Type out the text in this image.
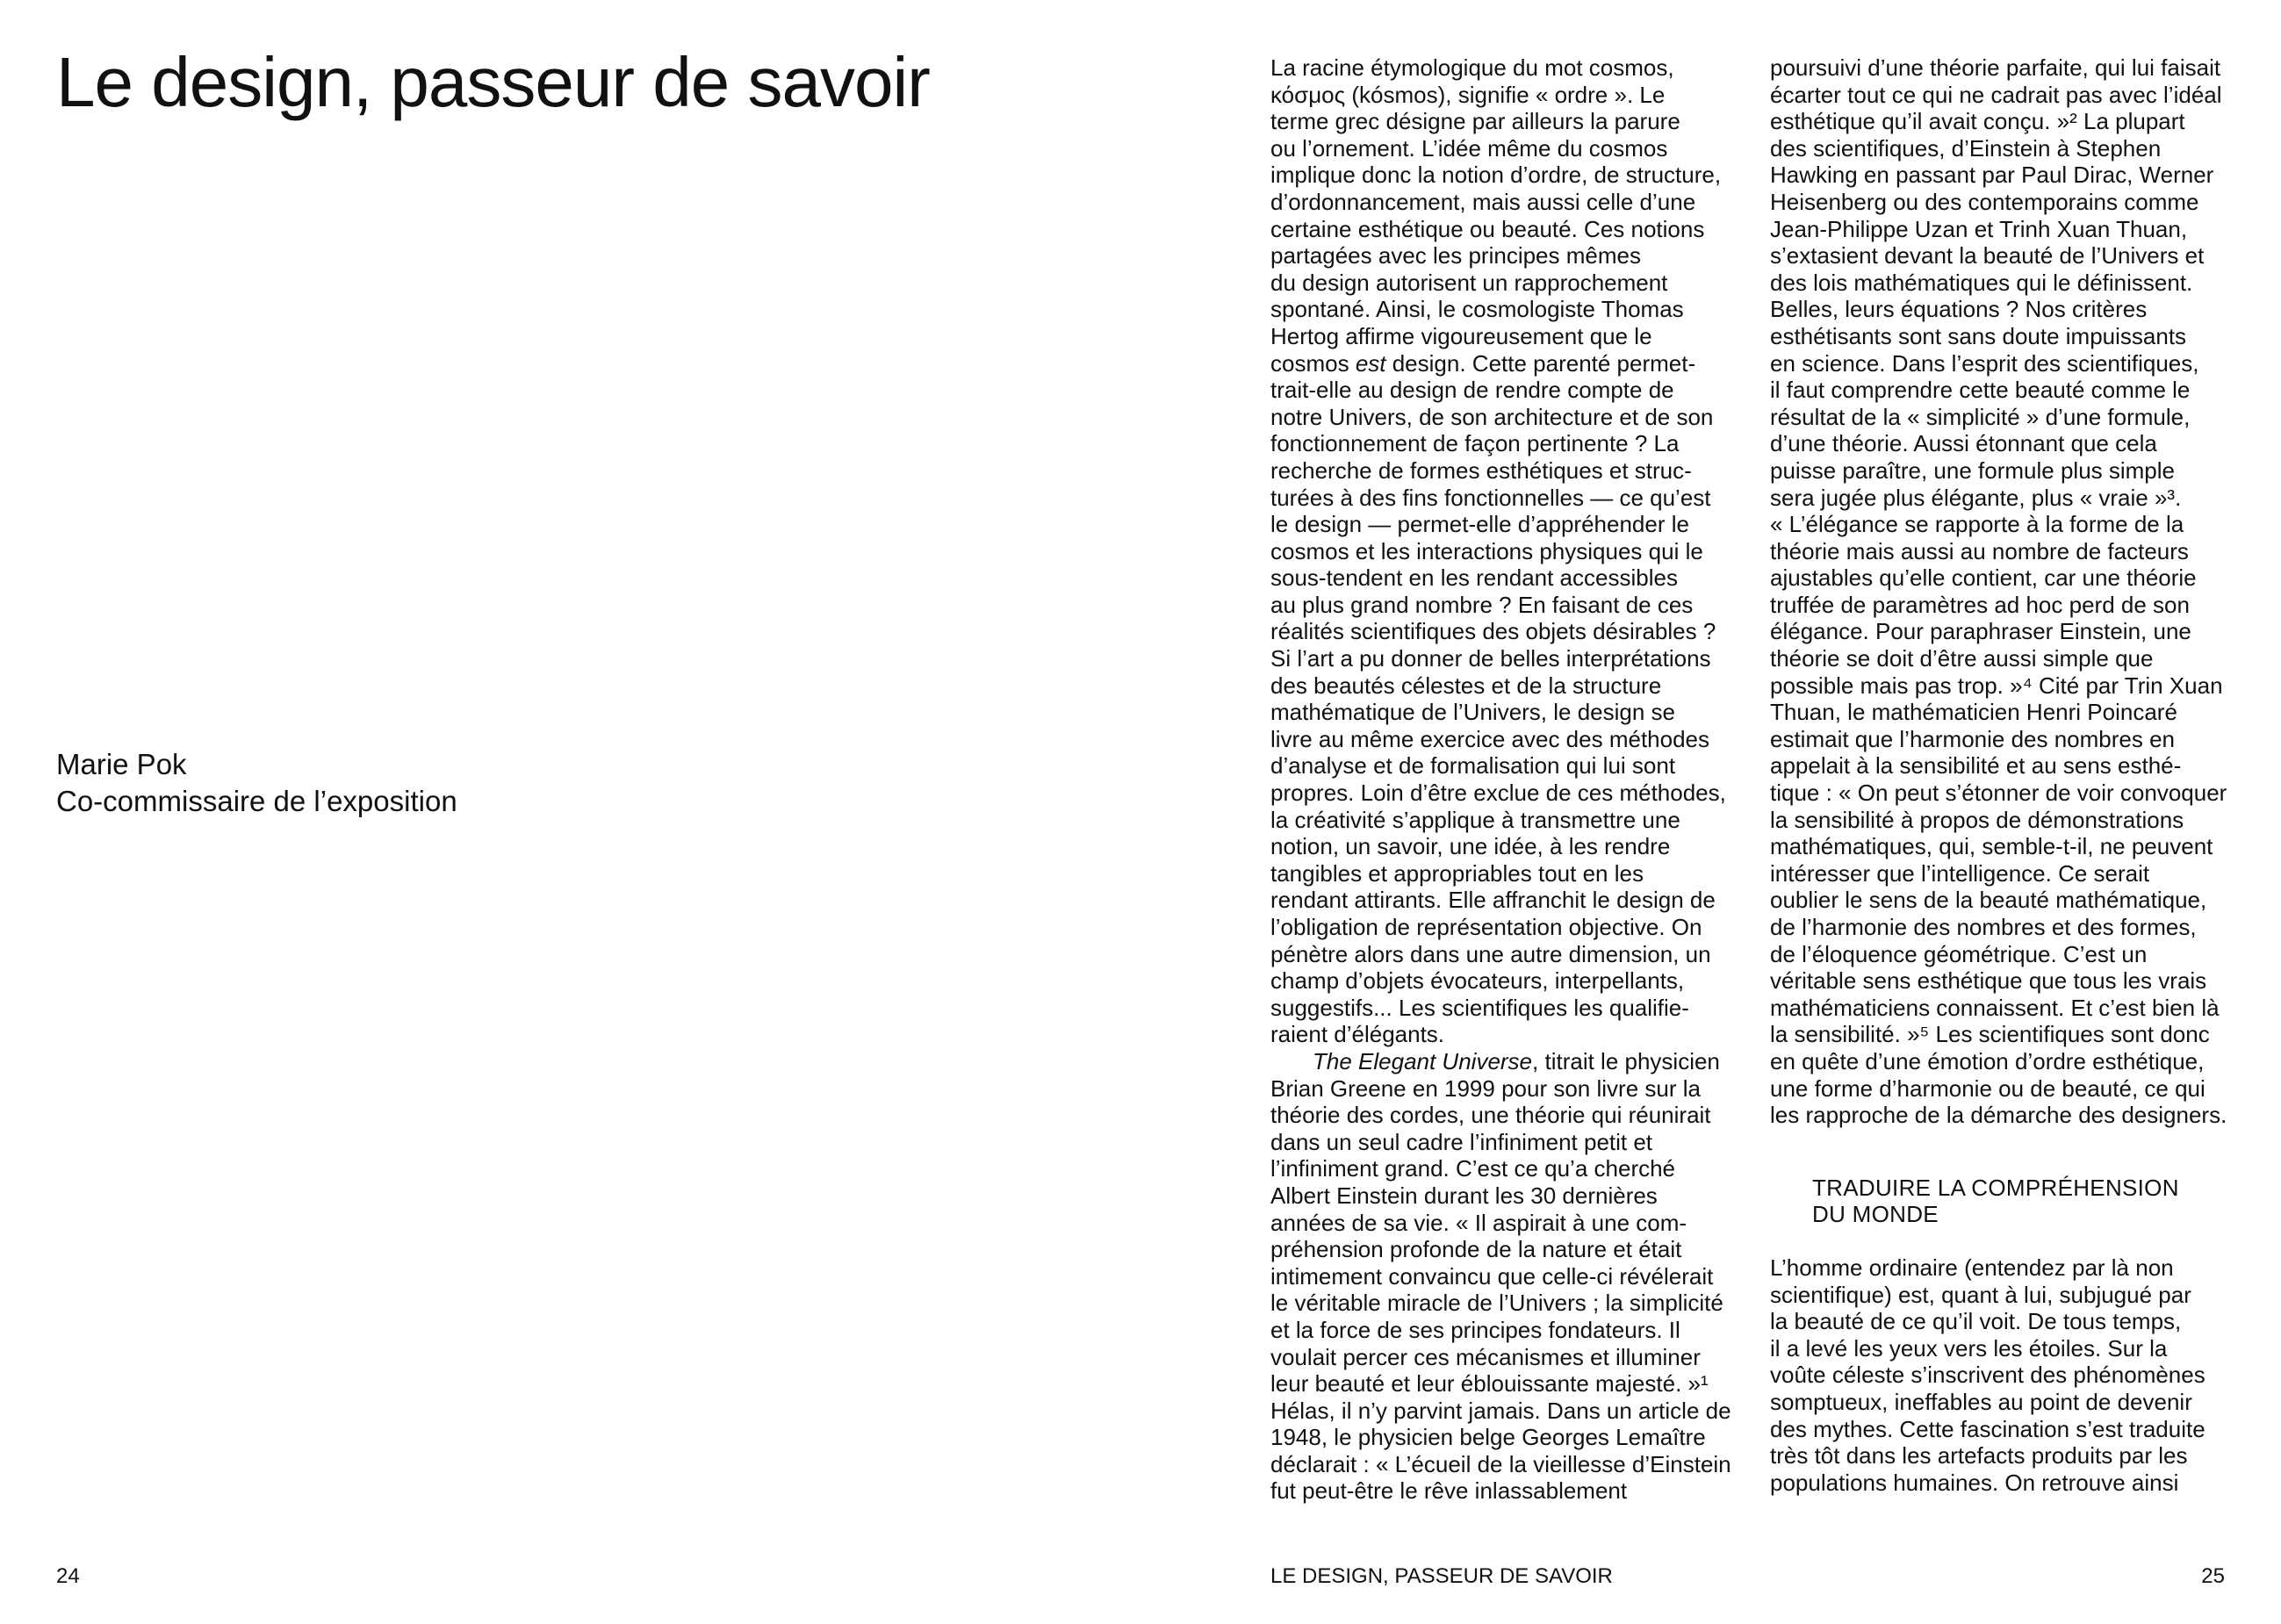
Le design, passeur de savoir
Marie Pok
Co-commissaire de l’exposition

La racine étymologique du mot cosmos,
κόσμος (kósmos), signifie « ordre ». Le
terme grec désigne par ailleurs la parure
ou l’ornement. L’idée même du cosmos
implique donc la notion d’ordre, de structure,
d’ordonnancement, mais aussi celle d’une
certaine esthétique ou beauté. Ces notions
partagées avec les principes mêmes
du design autorisent un rapprochement
spontané. Ainsi, le cosmologiste Thomas
Hertog affirme vigoureusement que le
cosmos est design. Cette parenté permet-
trait-elle au design de rendre compte de
notre Univers, de son architecture et de son
fonctionnement de façon pertinente ? La
recherche de formes esthétiques et struc-
turées à des fins fonctionnelles — ce qu’est
le design — permet-elle d’appréhender le
cosmos et les interactions physiques qui le
sous-tendent en les rendant accessibles
au plus grand nombre ? En faisant de ces
réalités scientifiques des objets désirables ?
Si l’art a pu donner de belles interprétations
des beautés célestes et de la structure
mathématique de l’Univers, le design se
livre au même exercice avec des méthodes
d’analyse et de formalisation qui lui sont
propres. Loin d’être exclue de ces méthodes,
la créativité s’applique à transmettre une
notion, un savoir, une idée, à les rendre
tangibles et appropriables tout en les
rendant attirants. Elle affranchit le design de
l’obligation de représentation objective. On
pénètre alors dans une autre dimension, un
champ d’objets évocateurs, interpellants,
suggestifs... Les scientifiques les qualifie-
raient d’élégants.

The Elegant Universe, titrait le physicien
Brian Greene en 1999 pour son livre sur la
théorie des cordes, une théorie qui réunirait
dans un seul cadre l’infiniment petit et
l’infiniment grand. C’est ce qu’a cherché
Albert Einstein durant les 30 dernières
années de sa vie. « Il aspirait à une com-
préhension profonde de la nature et était
intimement convaincu que celle-ci révélerait
le véritable miracle de l’Univers ; la simplicité
et la force de ses principes fondateurs. Il
voulait percer ces mécanismes et illuminer
leur beauté et leur éblouissante majesté. »¹
Hélas, il n’y parvint jamais. Dans un article de
1948, le physicien belge Georges Lemaître
déclarait : « L’écueil de la vieillesse d’Einstein
fut peut-être le rêve inlassablement

poursuivi d’une théorie parfaite, qui lui faisait
écarter tout ce qui ne cadrait pas avec l’idéal
esthétique qu’il avait conçu. »² La plupart
des scientifiques, d’Einstein à Stephen
Hawking en passant par Paul Dirac, Werner
Heisenberg ou des contemporains comme
Jean-Philippe Uzan et Trinh Xuan Thuan,
s’extasient devant la beauté de l’Univers et
des lois mathématiques qui le définissent.
Belles, leurs équations ? Nos critères
esthétisants sont sans doute impuissants
en science. Dans l’esprit des scientifiques,
il faut comprendre cette beauté comme le
résultat de la « simplicité » d’une formule,
d’une théorie. Aussi étonnant que cela
puisse paraître, une formule plus simple
sera jugée plus élégante, plus « vraie »³.
« L’élégance se rapporte à la forme de la
théorie mais aussi au nombre de facteurs
ajustables qu’elle contient, car une théorie
truffée de paramètres ad hoc perd de son
élégance. Pour paraphraser Einstein, une
théorie se doit d’être aussi simple que
possible mais pas trop. »⁴ Cité par Trin Xuan
Thuan, le mathématicien Henri Poincaré
estimait que l’harmonie des nombres en
appelait à la sensibilité et au sens esthé-
tique : « On peut s’étonner de voir convoquer
la sensibilité à propos de démonstrations
mathématiques, qui, semble-t-il, ne peuvent
intéresser que l’intelligence. Ce serait
oublier le sens de la beauté mathématique,
de l’harmonie des nombres et des formes,
de l’éloquence géométrique. C’est un
véritable sens esthétique que tous les vrais
mathématiciens connaissent. Et c’est bien là
la sensibilité. »⁵ Les scientifiques sont donc
en quête d’une émotion d’ordre esthétique,
une forme d’harmonie ou de beauté, ce qui
les rapproche de la démarche des designers.

TRADUIRE LA COMPRÉHENSION
DU MONDE

L’homme ordinaire (entendez par là non
scientifique) est, quant à lui, subjugué par
la beauté de ce qu’il voit. De tous temps,
il a levé les yeux vers les étoiles. Sur la
voûte céleste s’inscrivent des phénomènes
somptueux, ineffables au point de devenir
des mythes. Cette fascination s’est traduite
très tôt dans les artefacts produits par les
populations humaines. On retrouve ainsi

24	LE DESIGN, PASSEUR DE SAVOIR	25
